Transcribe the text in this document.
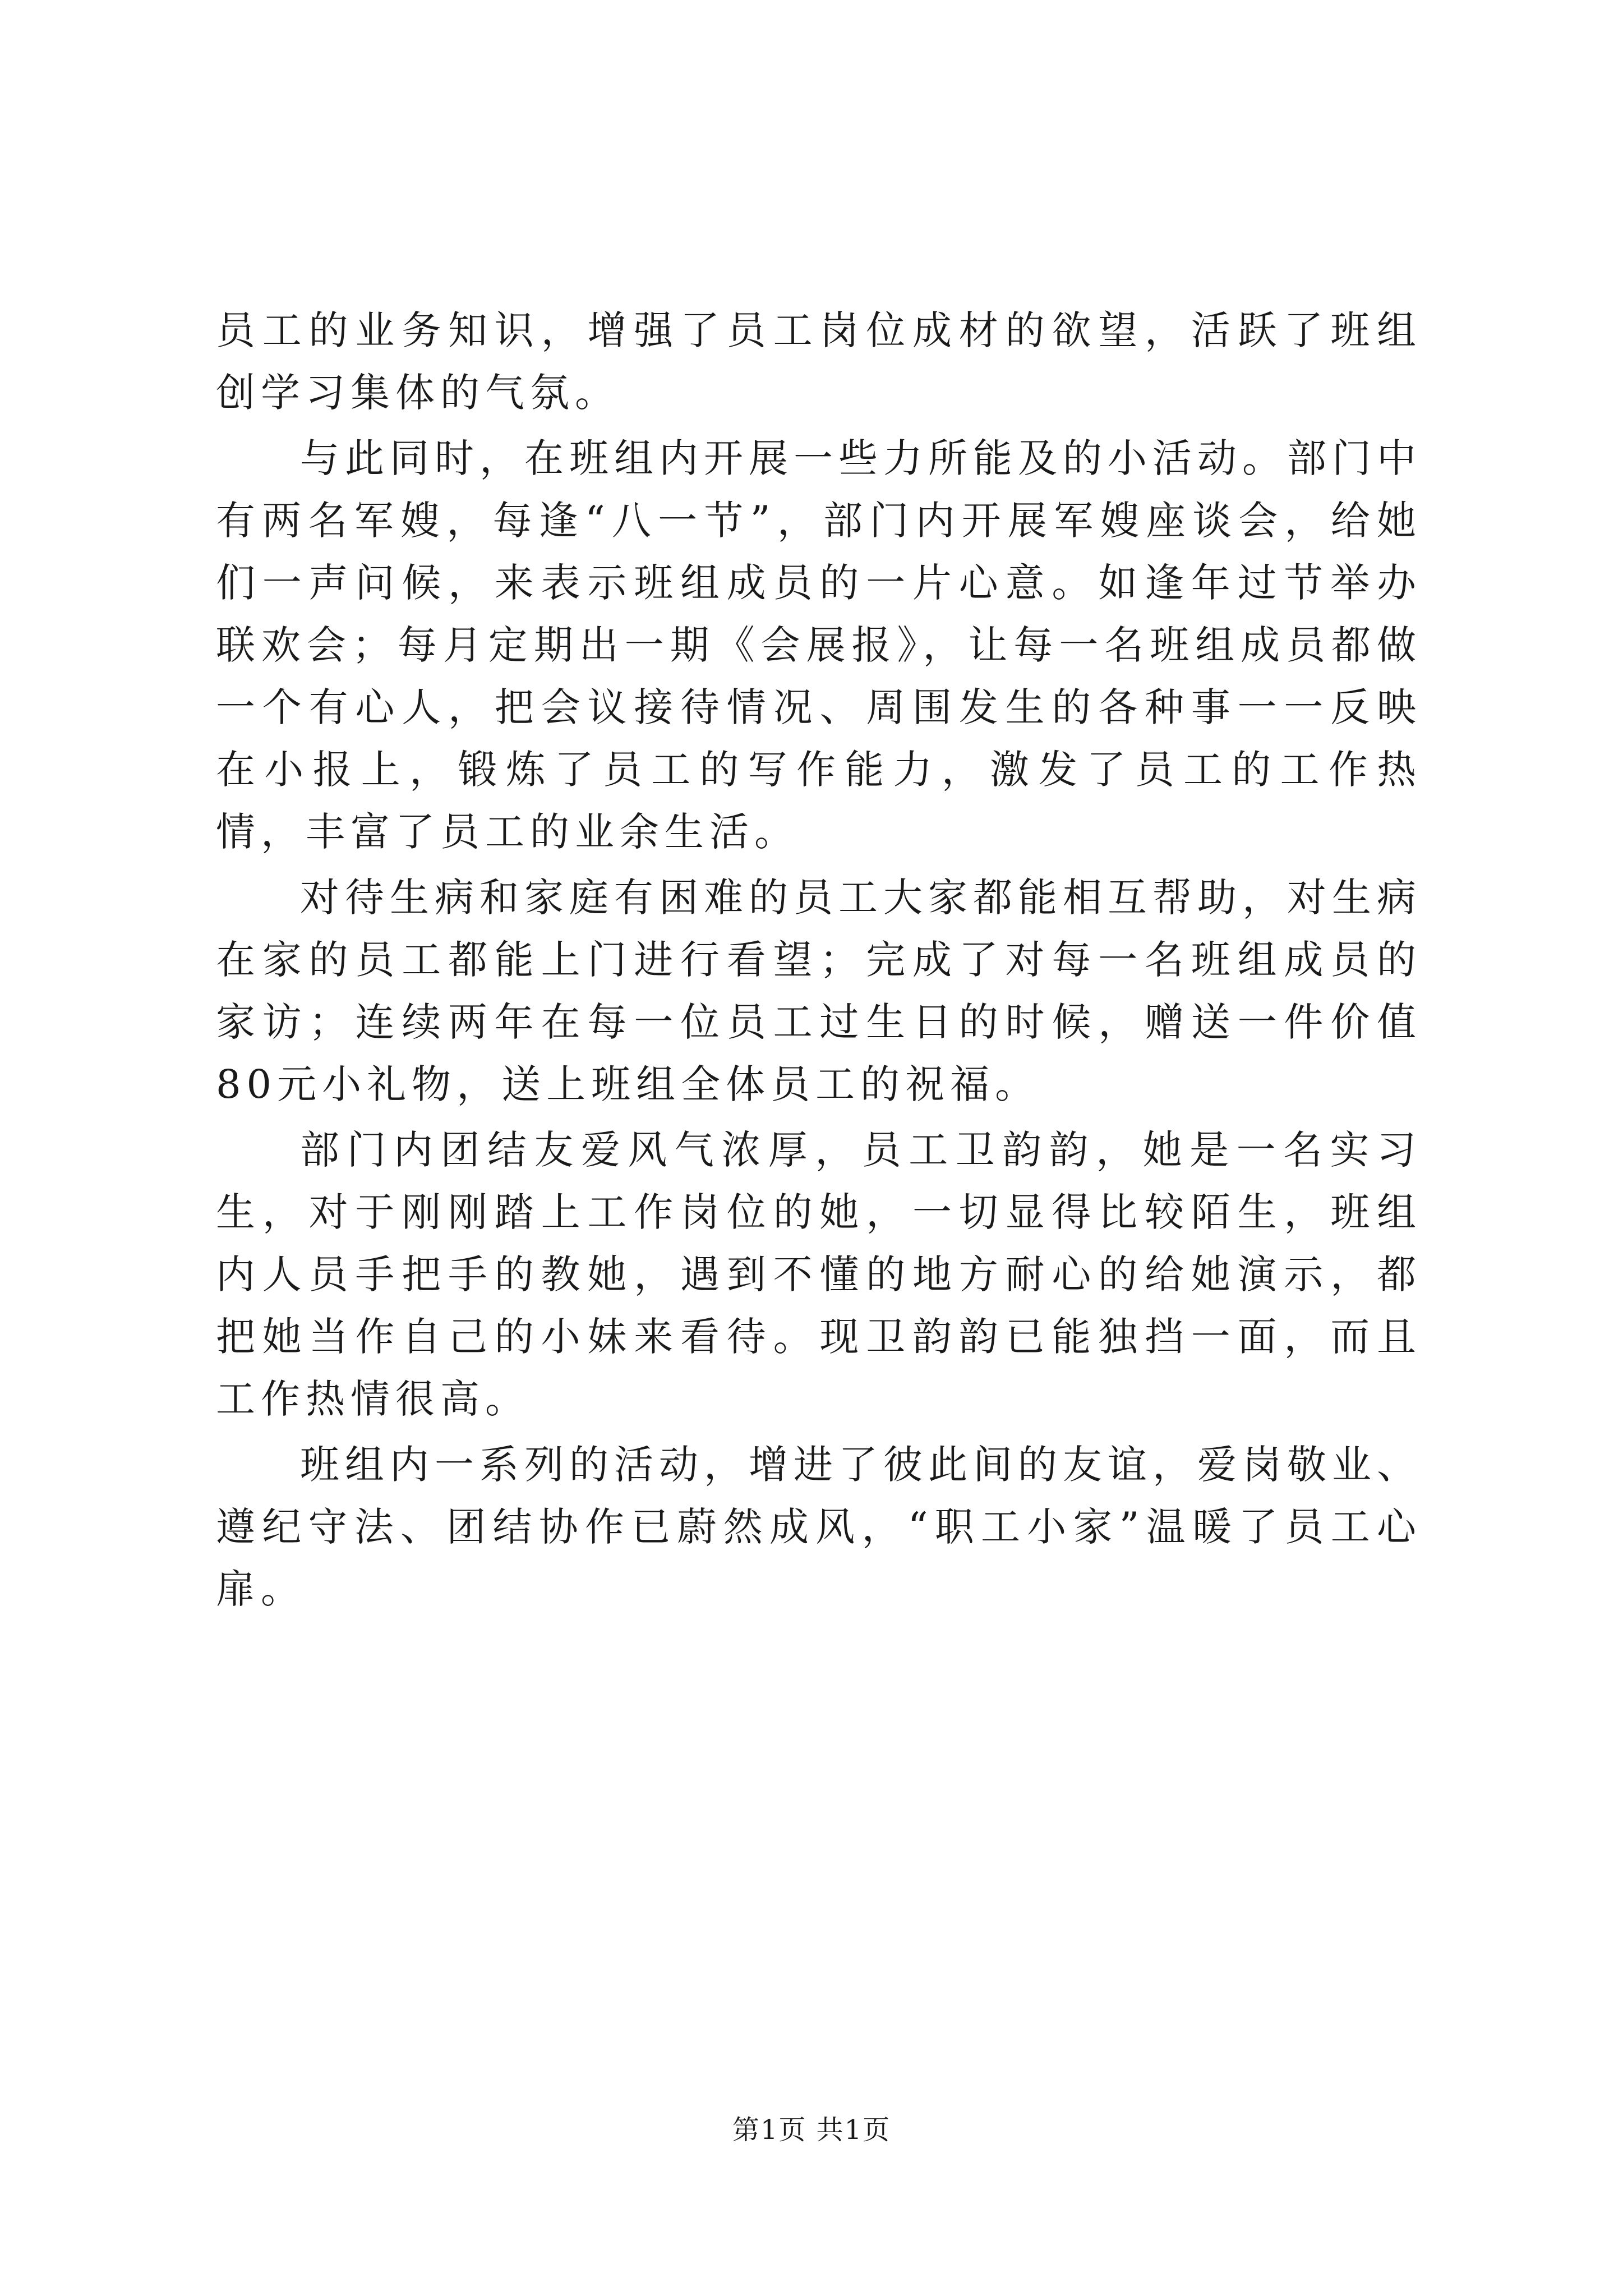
员工的业务知识，增强了员工岗位成材的欲望，活跃了班组创学习集体的气氛。

与此同时，在班组内开展一些力所能及的小活动。部门中有两名军嫂，每逢“八一节”，部门内开展军嫂座谈会，给她们一声问候，来表示班组成员的一片心意。如逢年过节举办联欢会；每月定期出一期《会展报》，让每一名班组成员都做一个有心人，把会议接待情况、周围发生的各种事一一反映在小报上，锻炼了员工的写作能力，激发了员工的工作热情，丰富了员工的业余生活。

对待生病和家庭有困难的员工大家都能相互帮助，对生病在家的员工都能上门进行看望；完成了对每一名班组成员的家访；连续两年在每一位员工过生日的时候，赠送一件价值80元小礼物，送上班组全体员工的祝福。

部门内团结友爱风气浓厚，员工卫韵韵，她是一名实习生，对于刚刚踏上工作岗位的她，一切显得比较陌生，班组内人员手把手的教她，遇到不懂的地方耐心的给她演示，都把她当作自己的小妹来看待。现卫韵韵已能独挡一面，而且工作热情很高。

班组内一系列的活动，增进了彼此间的友谊，爱岗敬业、遵纪守法、团结协作已蔚然成风，“职工小家”温暖了员工心扉。

第1页 共1页
